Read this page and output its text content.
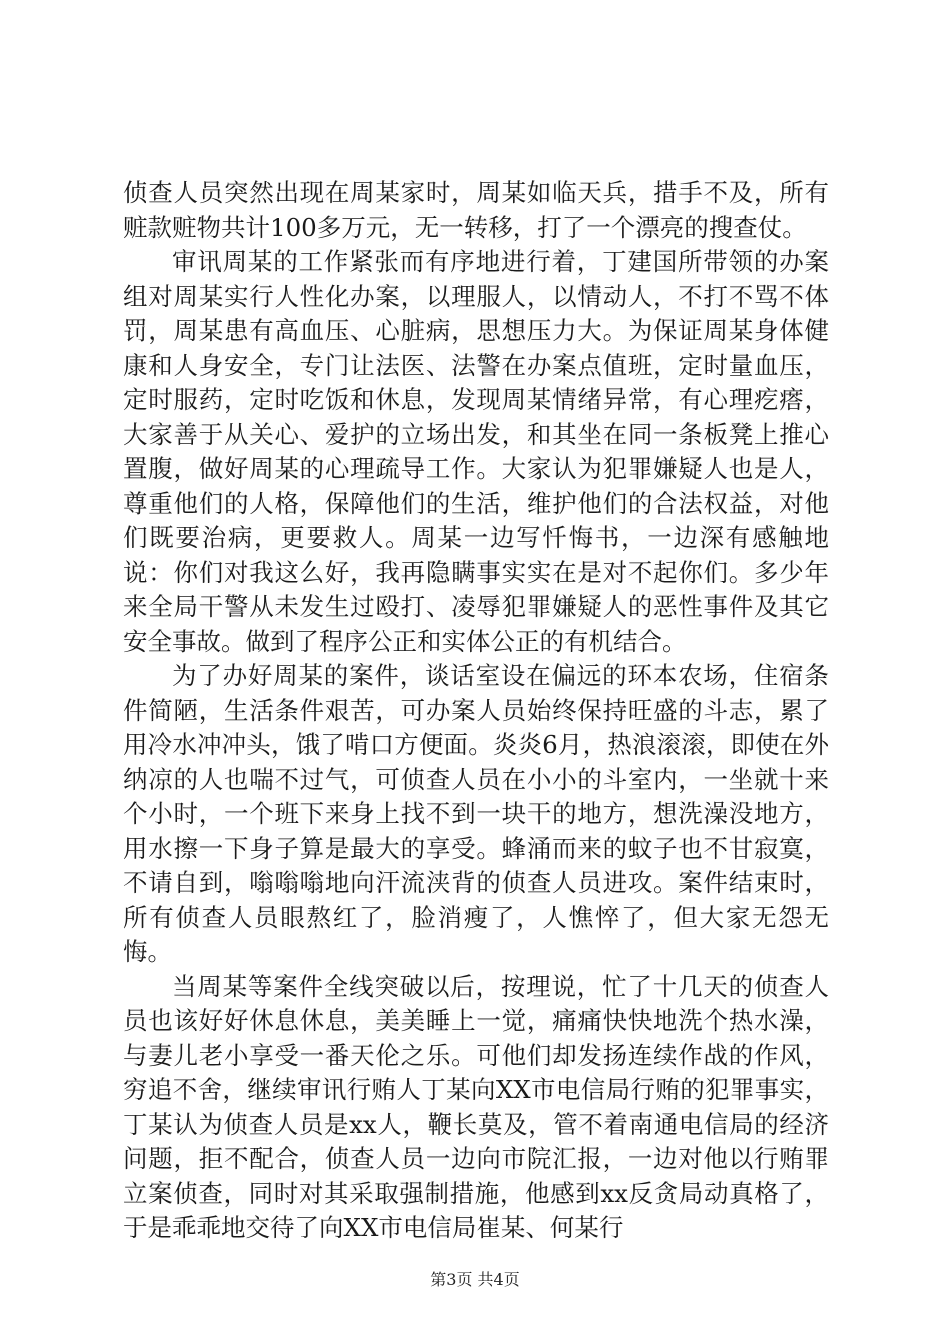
侦查人员突然出现在周某家时，周某如临天兵，措手不及，所有赃款赃物共计100多万元，无一转移，打了一个漂亮的搜查仗。

审讯周某的工作紧张而有序地进行着，丁建国所带领的办案组对周某实行人性化办案，以理服人，以情动人，不打不骂不体罚，周某患有高血压、心脏病，思想压力大。为保证周某身体健康和人身安全，专门让法医、法警在办案点值班，定时量血压，定时服药，定时吃饭和休息，发现周某情绪异常，有心理疙瘩，大家善于从关心、爱护的立场出发，和其坐在同一条板凳上推心置腹，做好周某的心理疏导工作。大家认为犯罪嫌疑人也是人，尊重他们的人格，保障他们的生活，维护他们的合法权益，对他们既要治病，更要救人。周某一边写忏悔书，一边深有感触地说：你们对我这么好，我再隐瞒事实实在是对不起你们。多少年来全局干警从未发生过殴打、凌辱犯罪嫌疑人的恶性事件及其它安全事故。做到了程序公正和实体公正的有机结合。

为了办好周某的案件，谈话室设在偏远的环本农场，住宿条件简陋，生活条件艰苦，可办案人员始终保持旺盛的斗志，累了用冷水冲冲头，饿了啃口方便面。炎炎6月，热浪滚滚，即使在外纳凉的人也喘不过气，可侦查人员在小小的斗室内，一坐就十来个小时，一个班下来身上找不到一块干的地方，想洗澡没地方，用水擦一下身子算是最大的享受。蜂涌而来的蚊子也不甘寂寞，不请自到，嗡嗡嗡地向汗流浃背的侦查人员进攻。案件结束时，所有侦查人员眼熬红了，脸消瘦了，人憔悴了，但大家无怨无悔。

当周某等案件全线突破以后，按理说，忙了十几天的侦查人员也该好好休息休息，美美睡上一觉，痛痛快快地洗个热水澡，与妻儿老小享受一番天伦之乐。可他们却发扬连续作战的作风，穷追不舍，继续审讯行贿人丁某向XX市电信局行贿的犯罪事实，丁某认为侦查人员是xx人，鞭长莫及，管不着南通电信局的经济问题，拒不配合，侦查人员一边向市院汇报，一边对他以行贿罪立案侦查，同时对其采取强制措施，他感到xx反贪局动真格了，于是乖乖地交待了向XX市电信局崔某、何某行

第3页 共4页
